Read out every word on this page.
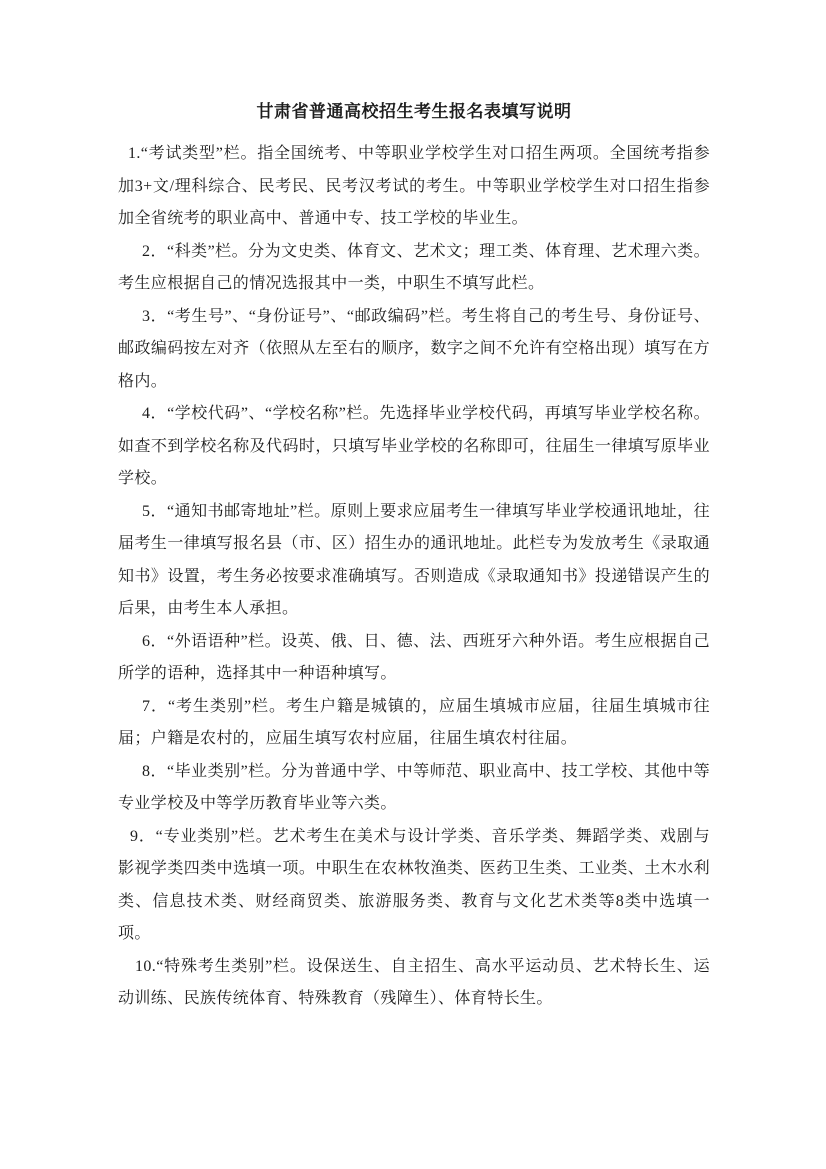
甘肃省普通高校招生考生报名表填写说明

1.“考试类型”栏。指全国统考、中等职业学校学生对口招生两项。全国统考指参加3+文/理科综合、民考民、民考汉考试的考生。中等职业学校学生对口招生指参加全省统考的职业高中、普通中专、技工学校的毕业生。

2．“科类”栏。分为文史类、体育文、艺术文；理工类、体育理、艺术理六类。考生应根据自己的情况选报其中一类，中职生不填写此栏。

3．“考生号”、“身份证号”、“邮政编码”栏。考生将自己的考生号、身份证号、邮政编码按左对齐（依照从左至右的顺序，数字之间不允许有空格出现）填写在方格内。

4．“学校代码”、“学校名称”栏。先选择毕业学校代码，再填写毕业学校名称。如查不到学校名称及代码时，只填写毕业学校的名称即可，往届生一律填写原毕业学校。

5．“通知书邮寄地址”栏。原则上要求应届考生一律填写毕业学校通讯地址，往届考生一律填写报名县（市、区）招生办的通讯地址。此栏专为发放考生《录取通知书》设置，考生务必按要求准确填写。否则造成《录取通知书》投递错误产生的后果，由考生本人承担。

6．“外语语种”栏。设英、俄、日、德、法、西班牙六种外语。考生应根据自己所学的语种，选择其中一种语种填写。

7．“考生类别”栏。考生户籍是城镇的，应届生填城市应届，往届生填城市往届；户籍是农村的，应届生填写农村应届，往届生填农村往届。

8．“毕业类别”栏。分为普通中学、中等师范、职业高中、技工学校、其他中等专业学校及中等学历教育毕业等六类。

9．“专业类别”栏。艺术考生在美术与设计学类、音乐学类、舞蹈学类、戏剧与影视学类四类中选填一项。中职生在农林牧渔类、医药卫生类、工业类、土木水利类、信息技术类、财经商贸类、旅游服务类、教育与文化艺术类等8类中选填一项。

10.“特殊考生类别”栏。设保送生、自主招生、高水平运动员、艺术特长生、运动训练、民族传统体育、特殊教育（残障生）、体育特长生。
